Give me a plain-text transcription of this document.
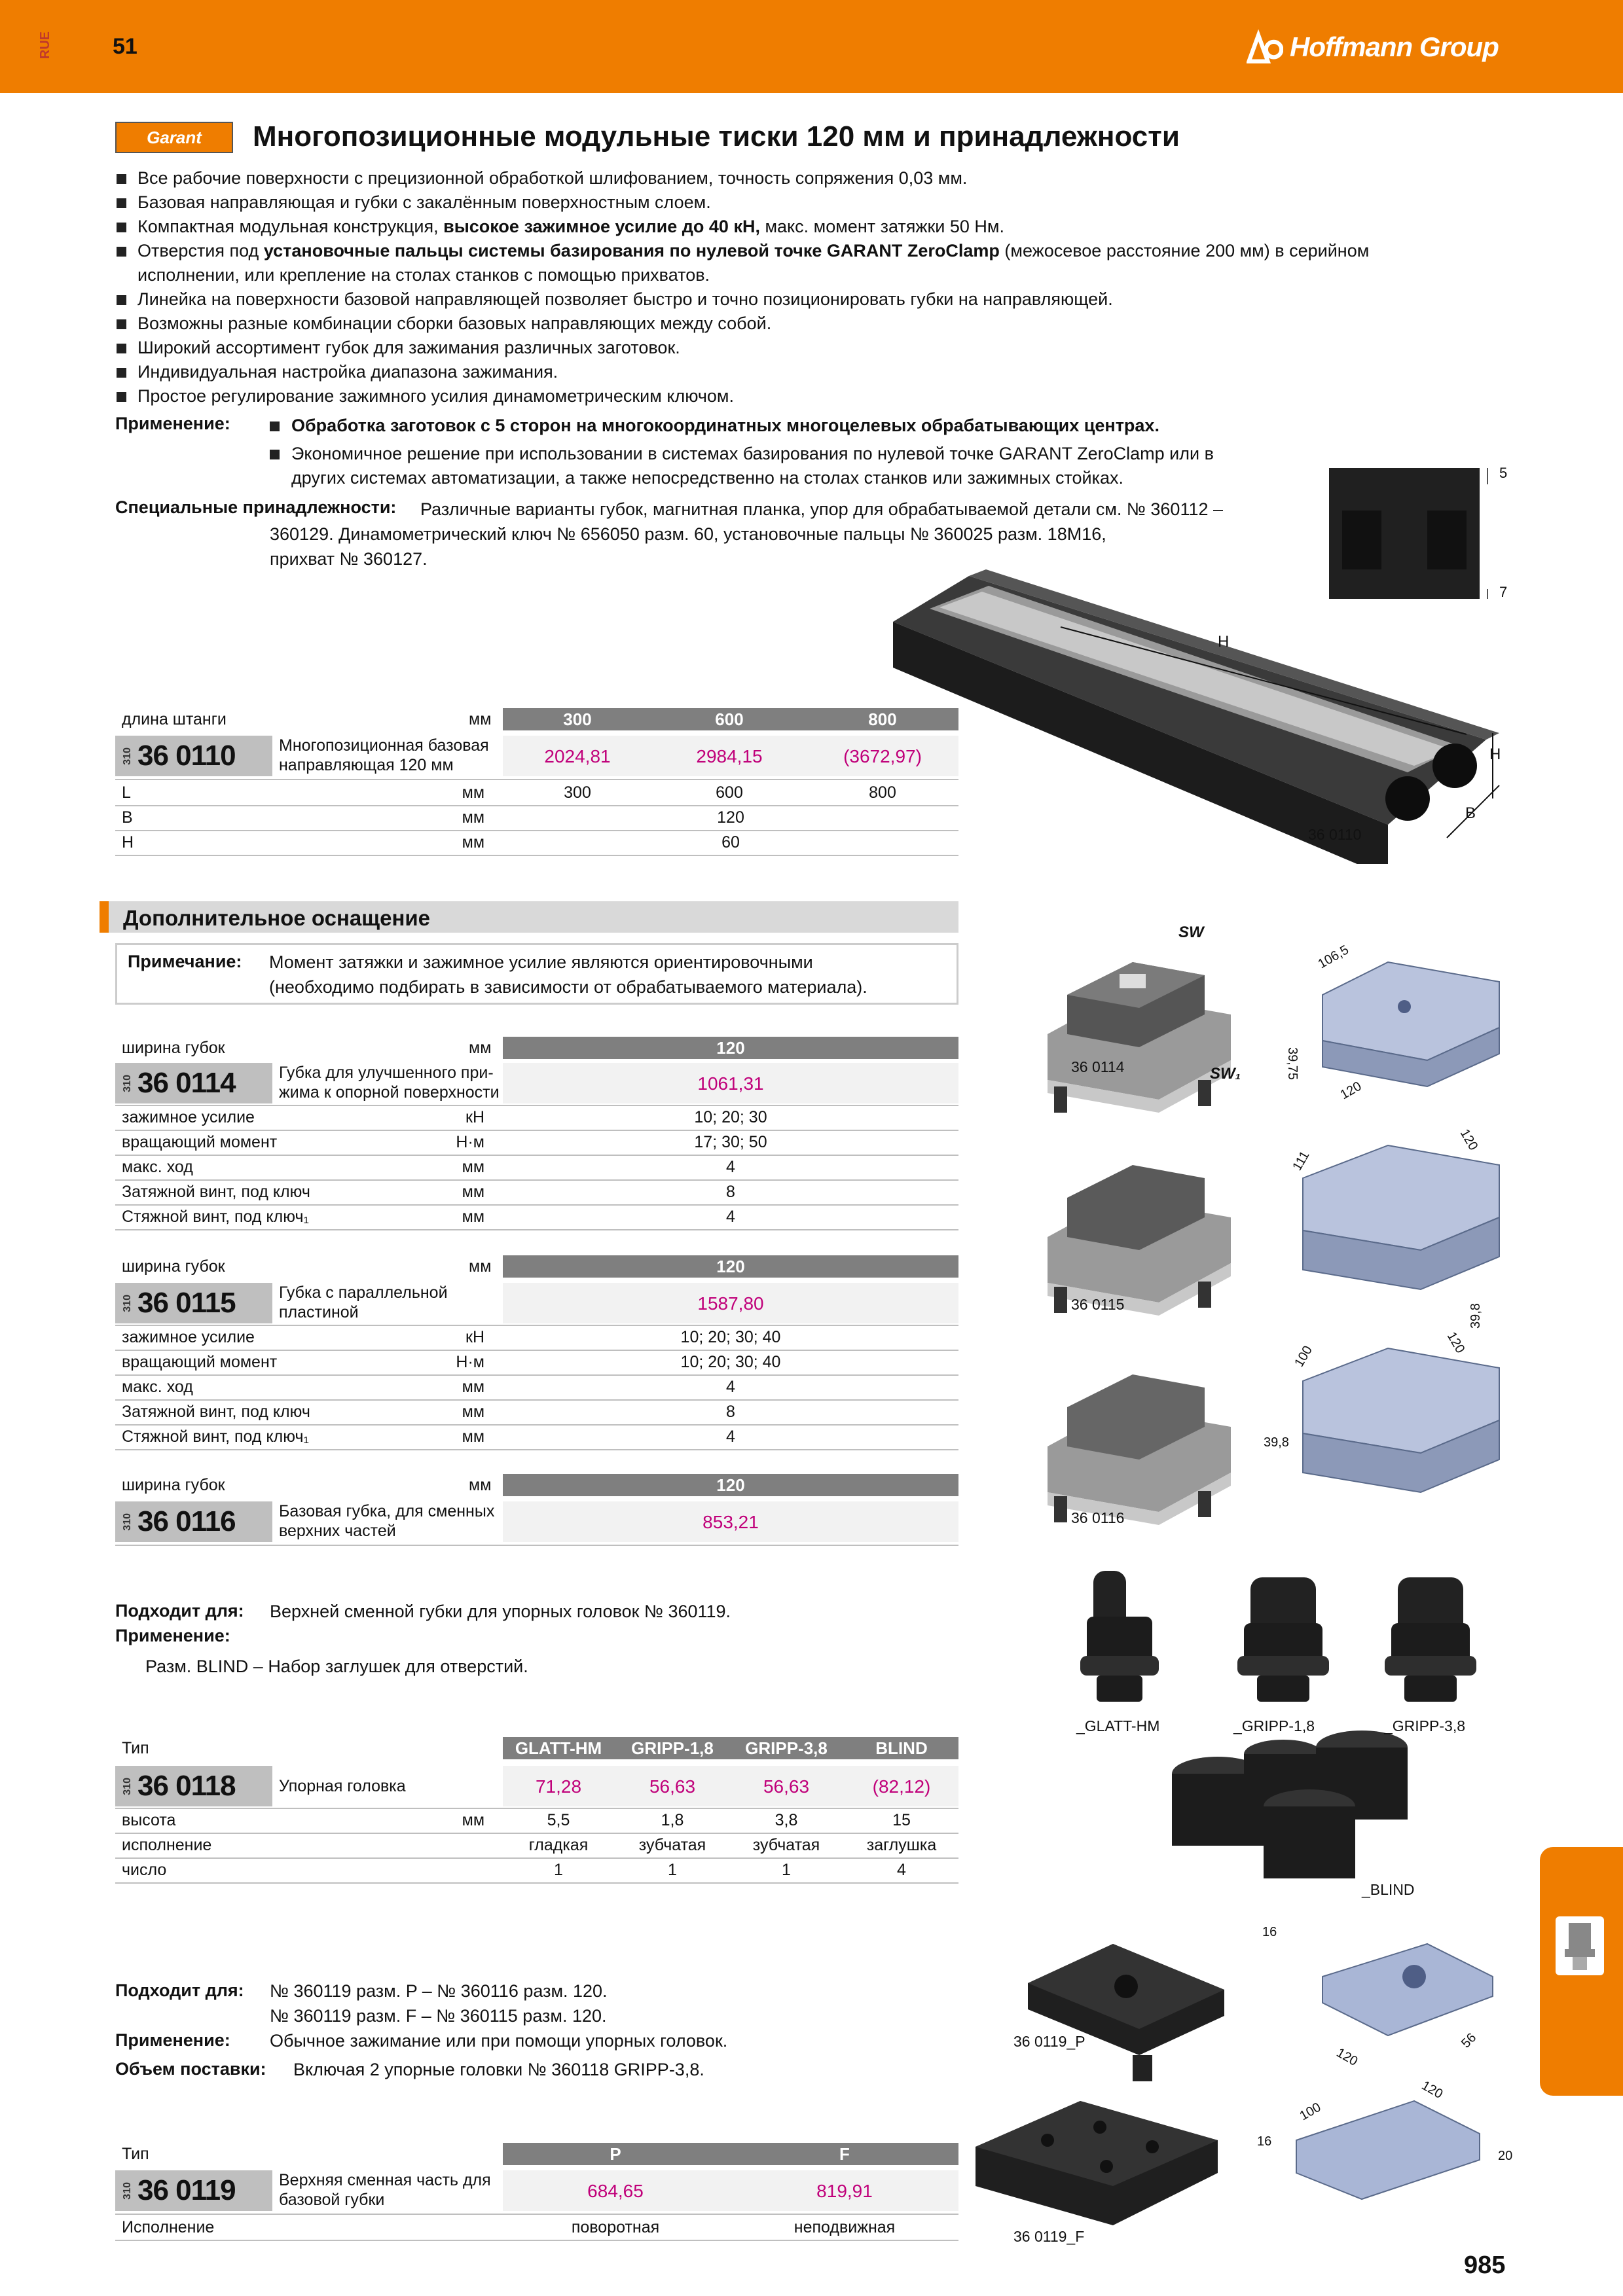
RUE	51	Hoffmann Group
Garant	Многопозиционные модульные тиски 120 мм и принадлежности
Все рабочие поверхности с прецизионной обработкой шлифованием, точность сопряжения 0,03 мм.
Базовая направляющая и губки с закалённым поверхностным слоем.
Компактная модульная конструкция, высокое зажимное усилие до 40 кН, макс. момент затяжки 50 Нм.
Отверстия под установочные пальцы системы базирования по нулевой точке GARANT ZeroClamp (межосевое расстояние 200 мм) в серийном
исполнении, или крепление на столах станков с помощью прихватов.
Линейка на поверхности базовой направляющей позволяет быстро и точно позиционировать губки на направляющей.
Возможны разные комбинации сборки базовых направляющих между собой.
Широкий ассортимент губок для зажимания различных заготовок.
Индивидуальная настройка диапазона зажимания.
Простое регулирование зажимного усилия динамометрическим ключом.
Применение:	Обработка заготовок с 5 сторон на многокоординатных многоцелевых обрабатывающих центрах.
Экономичное решение при использовании в системах базирования по нулевой точке GARANT ZeroClamp или в
других системах автоматизации, а также непосредственно на столах станков или зажимных стойках.
Специальные принадлежности: Различные варианты губок, магнитная планка, упор для обрабатываемой детали см. № 360112 –
360129. Динамометрический ключ № 656050 разм. 60, установочные пальцы № 360025 разм. 18М16,
прихват № 360127.
5
7
H
H
B
36 0110
длина штанги	мм	300	600	800
310 36 0110	Многопозиционная базовая
направляющая 120 мм	2024,81	2984,15	(3672,97)
L	мм	300	600	800
B	мм	120
H	мм	60
Дополнительное оснащение
Примечание: Момент затяжки и зажимное усилие являются ориентировочными
(необходимо подбирать в зависимости от обрабатываемого материала).
ширина губок	мм	120
310 36 0114	Губка для улучшенного при-
жима к опорной поверхности	1061,31
зажимное усилие	кН	10; 20; 30
вращающий момент	Н·м	17; 30; 50
макс. ход	мм	4
Затяжной винт, под ключ	мм	8
Стяжной винт, под ключ₁	мм	4
ширина губок	мм	120
310 36 0115	Губка с параллельной
пластиной	1587,80
зажимное усилие	кН	10; 20; 30; 40
вращающий момент	Н·м	10; 20; 30; 40
макс. ход	мм	4
Затяжной винт, под ключ	мм	8
Стяжной винт, под ключ₁	мм	4
ширина губок	мм	120
310 36 0116	Базовая губка, для сменных
верхних частей	853,21
SW
SW₁
106,5
39,75
120
111
120
39,8
100
120
39,8
36 0114
36 0115
36 0116
Подходит для: Верхней сменной губки для упорных головок № 360119.
Применение:
Разм. BLIND – Набор заглушек для отверстий.
Тип	GLATT-HM	GRIPP-1,8	GRIPP-3,8	BLIND
310 36 0118	Упорная головка	71,28	56,63	56,63	(82,12)
высота	мм	5,5	1,8	3,8	15
исполнение	гладкая	зубчатая	зубчатая	заглушка
число	1	1	1	4
_GLATT-HM	_GRIPP-1,8	_GRIPP-3,8
_BLIND
Подходит для: № 360119 разм. P – № 360116 разм. 120.
№ 360119 разм. F – № 360115 разм. 120.
Применение: Обычное зажимание или при помощи упорных головок.
Объем поставки: Включая 2 упорные головки № 360118 GRIPP-3,8.
Тип	P	F
310 36 0119	Верхняя сменная часть для
базовой губки	684,65	819,91
Исполнение	поворотная	неподвижная
16
120
56
16
100
120
20
36 0119_P
36 0119_F
985
